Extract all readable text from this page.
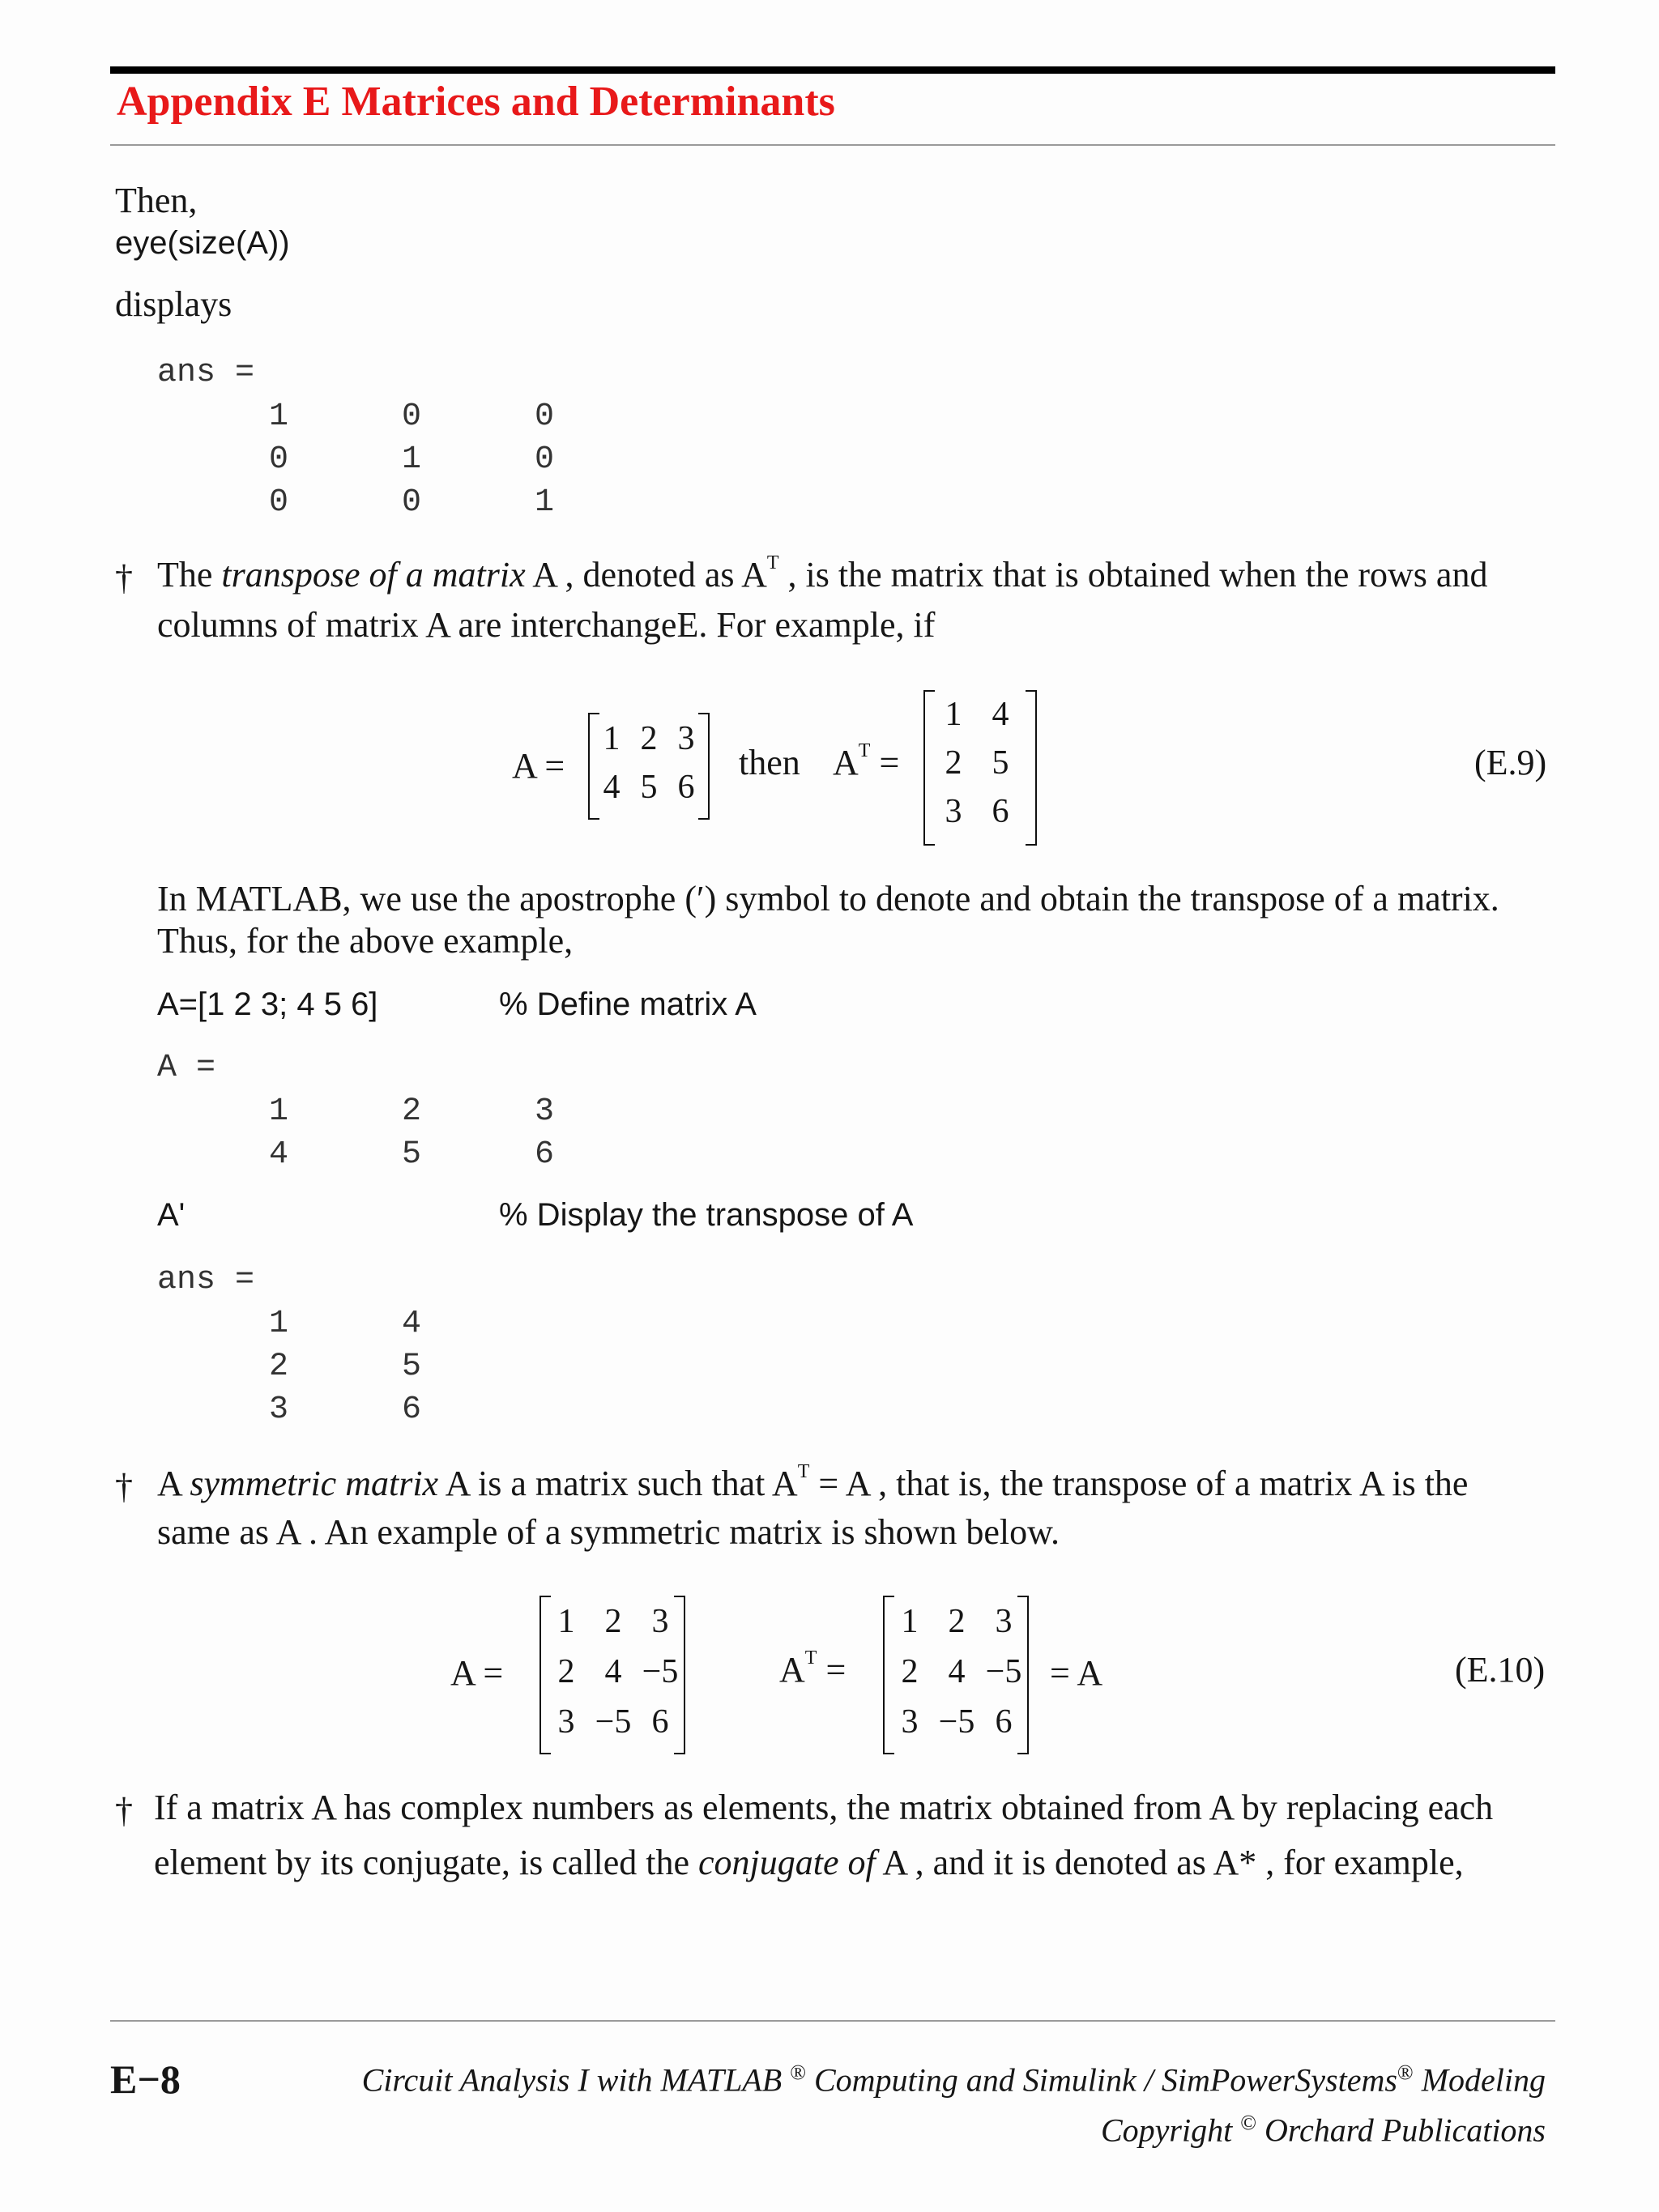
Appendix E Matrices and Determinants
Then,
eye(size(A))
displays
ans =
1	0	0
0	1	0
0	0	1
† The transpose of a matrix A , denoted as $A^T$ , is the matrix that is obtained when the rows and
columns of matrix A are interchangeE. For example, if
A =
1 2 3
4 5 6
then $A^T$ =
1 4
2 5
3 6
(E.9)
In MATLAB, we use the apostrophe (′) symbol to denote and obtain the transpose of a matrix.
Thus, for the above example,
A=[1 2 3; 4 5 6]	% Define matrix A
A =
1	2	3
4	5	6
A'	% Display the transpose of A
ans =
1	4
2	5
3	6
† A symmetric matrix A is a matrix such that $A^T = A$ , that is, the transpose of a matrix A is the
same as A . An example of a symmetric matrix is shown below.
A =
1 2 3
2 4 −5
3 −5 6
$A^T$ =
1 2 3
2 4 −5
3 −5 6
= A	(E.10)
† If a matrix A has complex numbers as elements, the matrix obtained from A by replacing each
element by its conjugate, is called the conjugate of A , and it is denoted as A* , for example,
E−8	Circuit Analysis I with MATLAB ® Computing and Simulink / SimPowerSystems® Modeling
Copyright © Orchard Publications
